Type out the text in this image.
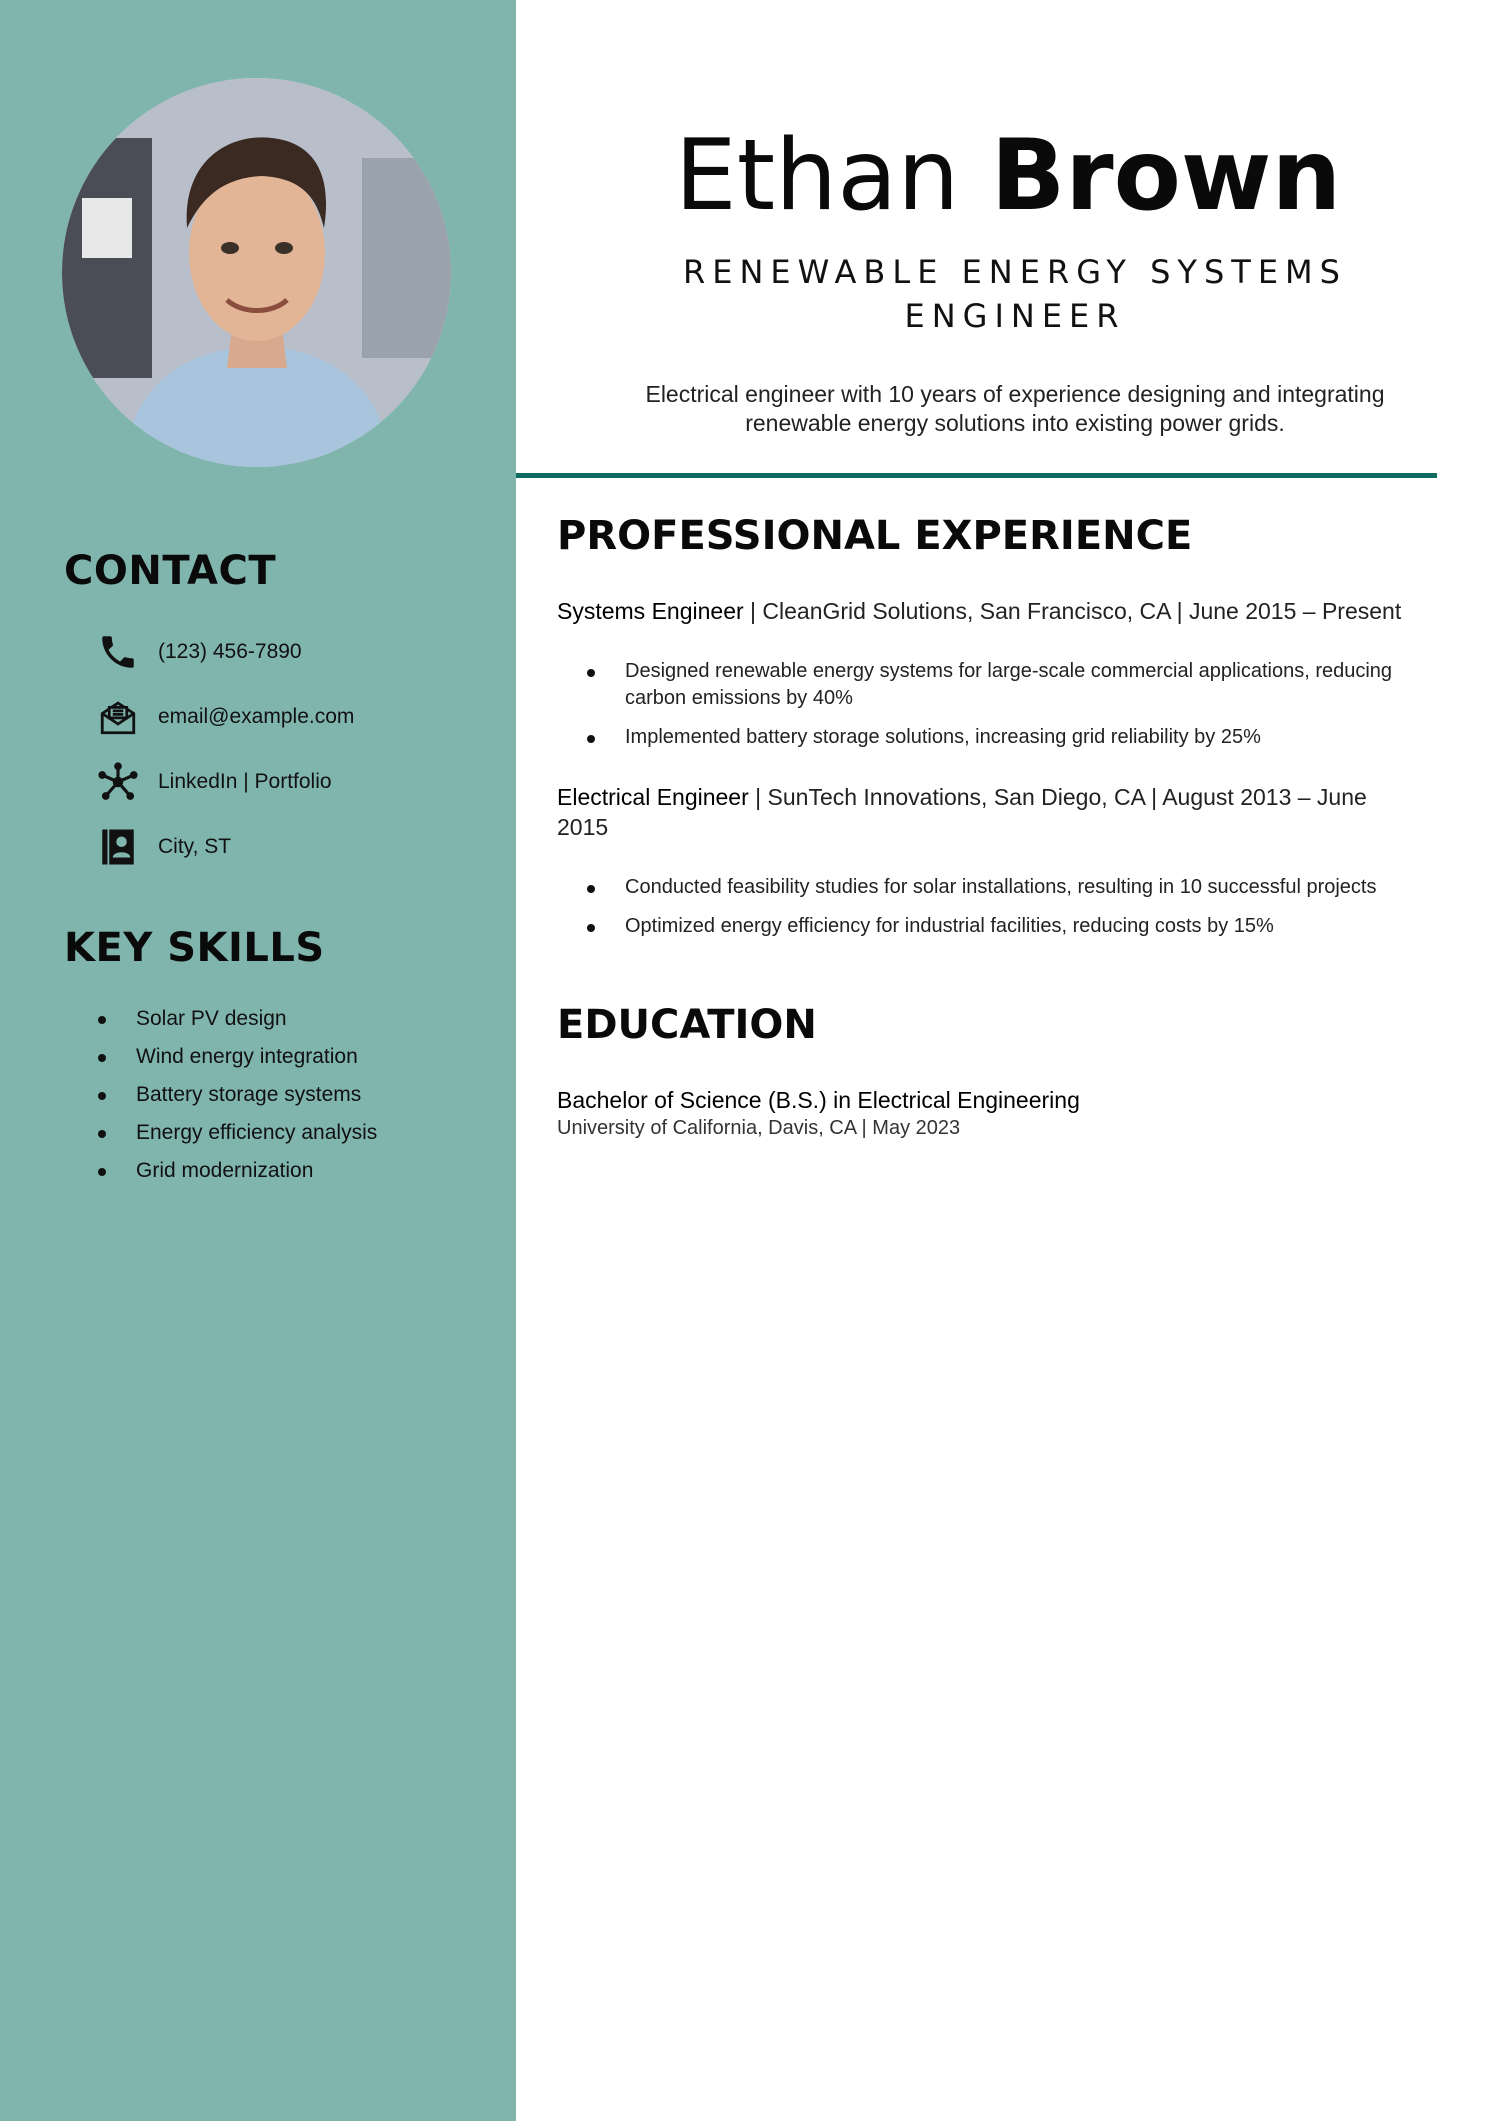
CONTACT
(123) 456-7890
email@example.com
LinkedIn | Portfolio
City, ST
KEY SKILLS
Solar PV design
Wind energy integration
Battery storage systems
Energy efficiency analysis
Grid modernization
Ethan Brown
RENEWABLE ENERGY SYSTEMS
ENGINEER
Electrical engineer with 10 years of experience designing and integrating renewable energy solutions into existing power grids.
PROFESSIONAL EXPERIENCE
Systems Engineer | CleanGrid Solutions, San Francisco, CA | June 2015 – Present
Designed renewable energy systems for large-scale commercial applications, reducing carbon emissions by 40%
Implemented battery storage solutions, increasing grid reliability by 25%
Electrical Engineer | SunTech Innovations, San Diego, CA | August 2013 – June 2015
Conducted feasibility studies for solar installations, resulting in 10 successful projects
Optimized energy efficiency for industrial facilities, reducing costs by 15%
EDUCATION
Bachelor of Science (B.S.) in Electrical Engineering
University of California, Davis, CA | May 2023
